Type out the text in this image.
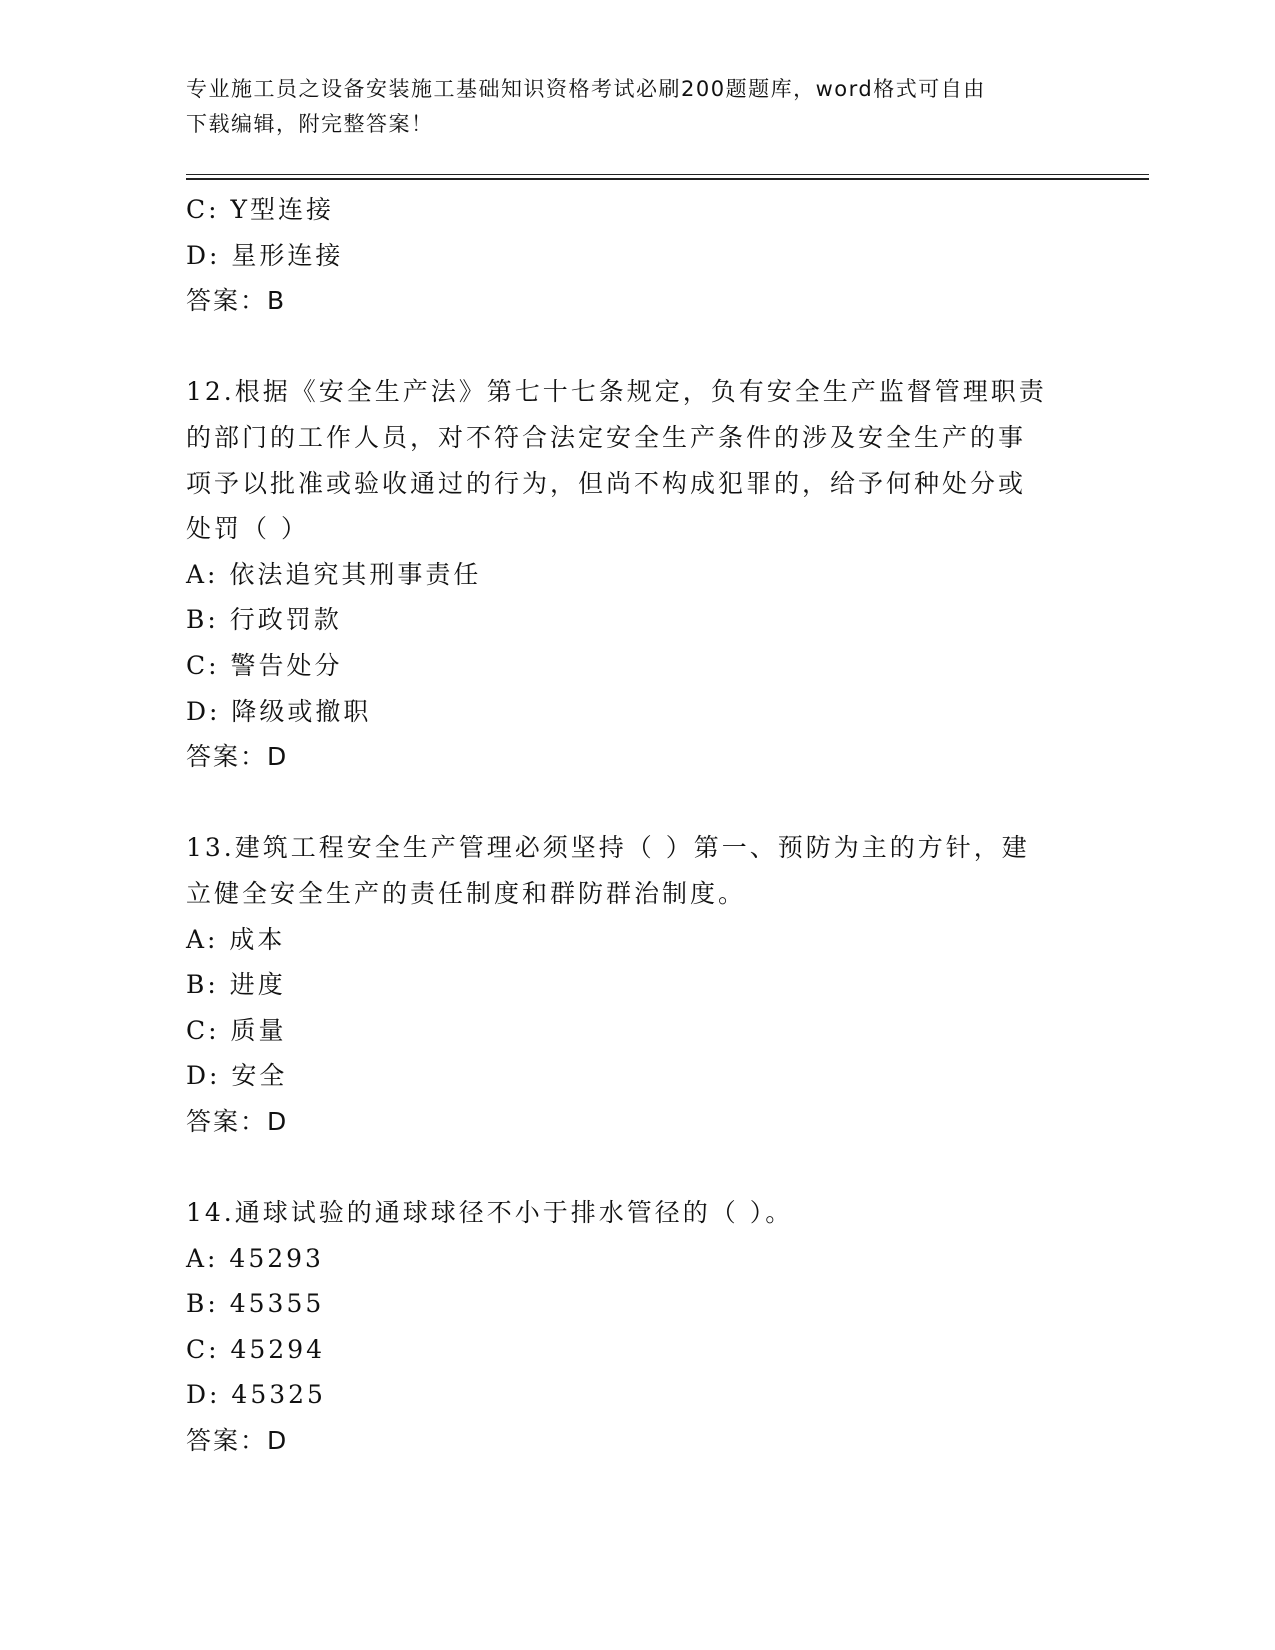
专业施工员之设备安装施工基础知识资格考试必刷200题题库，word格式可自由
下载编辑，附完整答案！
C: Y型连接
D: 星形连接
答案：B
12.根据《安全生产法》第七十七条规定，负有安全生产监督管理职责
的部门的工作人员，对不符合法定安全生产条件的涉及安全生产的事
项予以批准或验收通过的行为，但尚不构成犯罪的，给予何种处分或
处罚（ ）
A: 依法追究其刑事责任
B: 行政罚款
C: 警告处分
D: 降级或撤职
答案：D
13.建筑工程安全生产管理必须坚持（ ）第一、预防为主的方针，建
立健全安全生产的责任制度和群防群治制度。
A: 成本
B: 进度
C: 质量
D: 安全
答案：D
14.通球试验的通球球径不小于排水管径的（ ）。
A: 45293
B: 45355
C: 45294
D: 45325
答案：D
